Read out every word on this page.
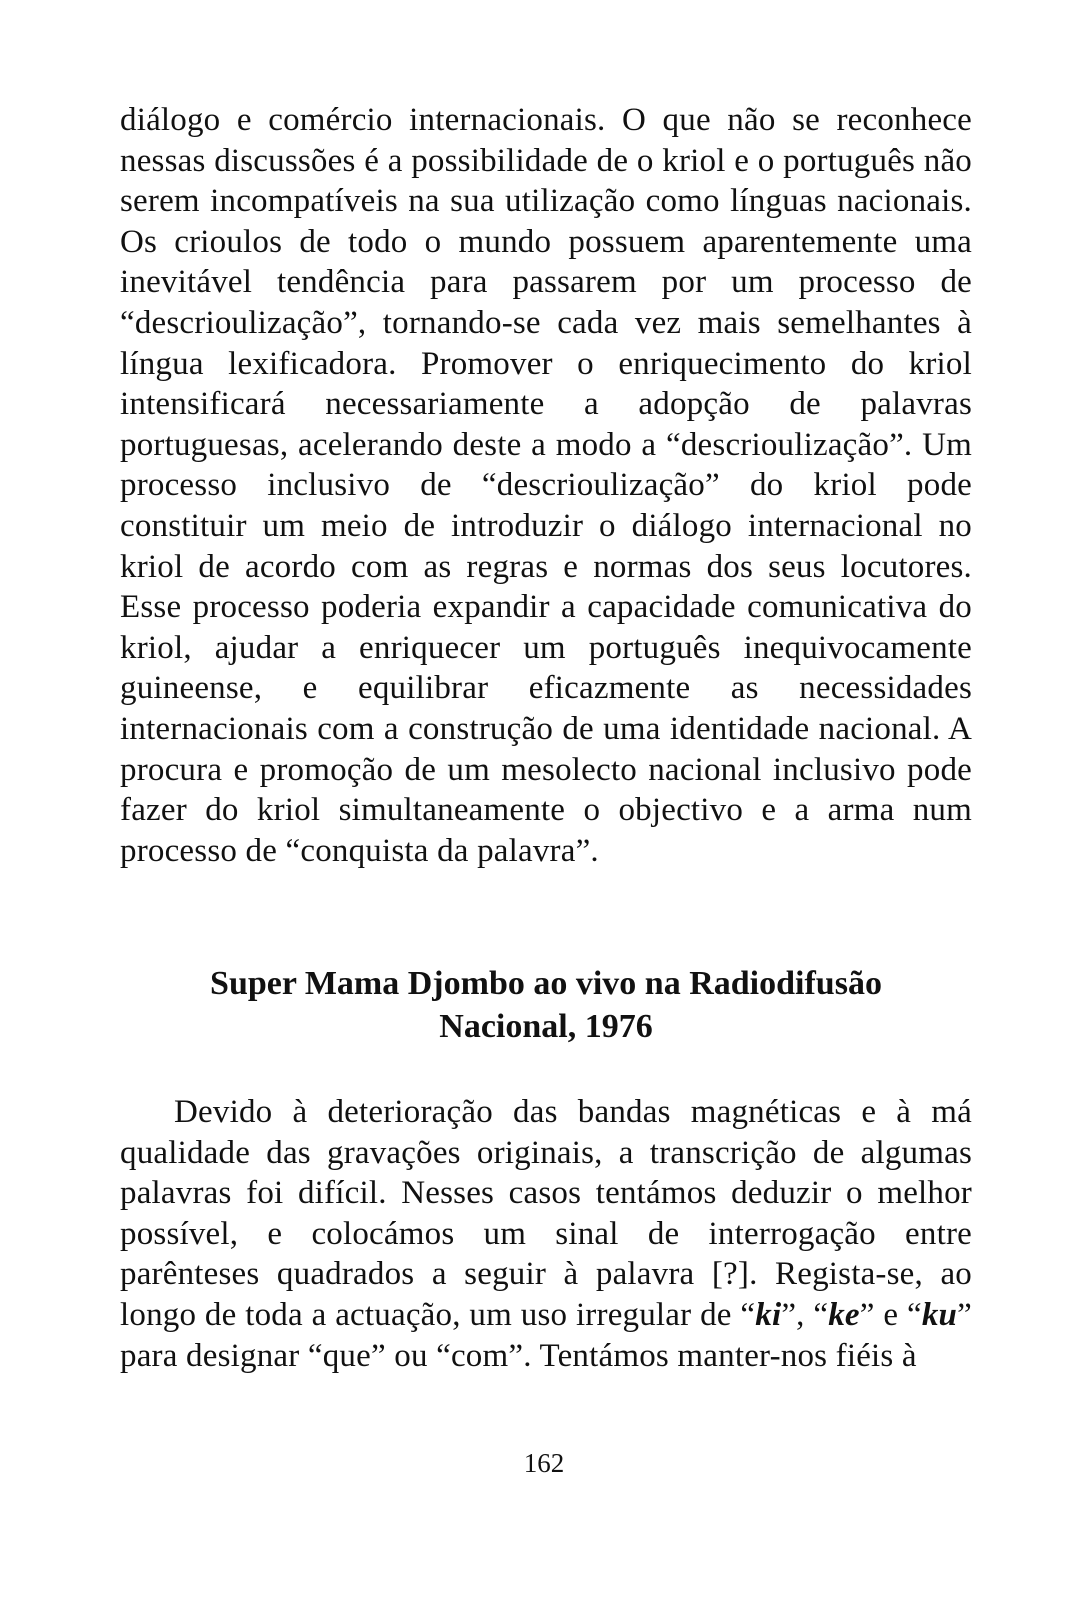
diálogo e comércio internacionais. O que não se reconhece nessas discussões é a possibilidade de o kriol e o português não serem incompatíveis na sua utilização como línguas nacionais. Os crioulos de todo o mundo possuem aparentemente uma inevitável tendência para passarem por um processo de “descrioulização”, tornando-se cada vez mais semelhantes à língua lexificadora. Promover o enriquecimento do kriol intensificará necessariamente a adopção de palavras portuguesas, acelerando deste a modo a “descrioulização”. Um processo inclusivo de “descrioulização” do kriol pode constituir um meio de introduzir o diálogo internacional no kriol de acordo com as regras e normas dos seus locutores. Esse processo poderia expandir a capacidade comunicativa do kriol, ajudar a enriquecer um português inequivocamente guineense, e equilibrar eficazmente as necessidades internacionais com a construção de uma identidade nacional. A procura e promoção de um mesolecto nacional inclusivo pode fazer do kriol simultaneamente o objectivo e a arma num processo de “conquista da palavra”.

Super Mama Djombo ao vivo na Radiodifusão
Nacional, 1976

Devido à deterioração das bandas magnéticas e à má qualidade das gravações originais, a transcrição de algumas palavras foi difícil. Nesses casos tentámos deduzir o melhor possível, e colocámos um sinal de interrogação entre parênteses quadrados a seguir à palavra [?]. Regista-se, ao longo de toda a actuação, um uso irregular de “ki”, “ke” e “ku” para designar “que” ou “com”. Tentámos manter-nos fiéis à

162
